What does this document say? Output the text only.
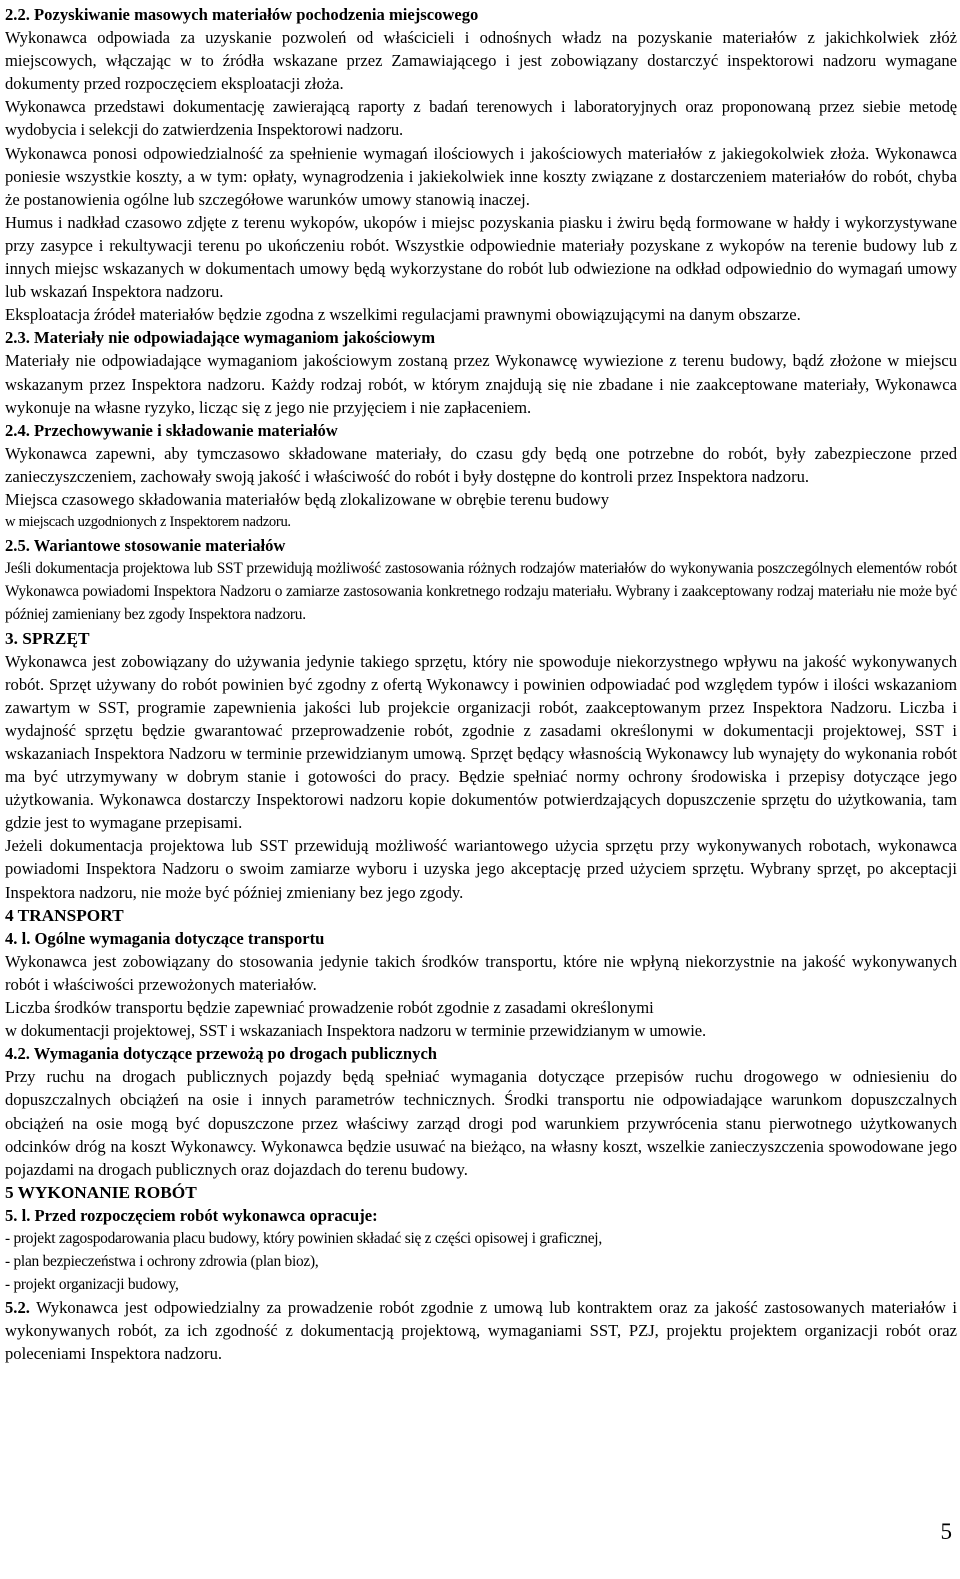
2.2. Pozyskiwanie masowych materiałów pochodzenia miejscowego

Wykonawca odpowiada za uzyskanie pozwoleń od właścicieli i odnośnych władz na pozyskanie materiałów z jakichkolwiek złóż miejscowych, włączając w to źródła wskazane przez Zamawiającego i jest zobowiązany dostarczyć inspektorowi nadzoru wymagane dokumenty przed rozpoczęciem eksploatacji złoża.

Wykonawca przedstawi dokumentację zawierającą raporty z badań terenowych i laboratoryjnych oraz proponowaną przez siebie metodę wydobycia i selekcji do zatwierdzenia Inspektorowi nadzoru.

Wykonawca ponosi odpowiedzialność za spełnienie wymagań ilościowych i jakościowych materiałów z jakiegokolwiek złoża. Wykonawca poniesie wszystkie koszty, a w tym: opłaty, wynagrodzenia i jakiekolwiek inne koszty związane z dostarczeniem materiałów do robót, chyba że postanowienia ogólne lub szczegółowe warunków umowy stanowią inaczej.

Humus i nadkład czasowo zdjęte z terenu wykopów, ukopów i miejsc pozyskania piasku i żwiru będą formowane w hałdy i wykorzystywane przy zasypce i rekultywacji terenu po ukończeniu robót. Wszystkie odpowiednie materiały pozyskane z wykopów na terenie budowy lub z innych miejsc wskazanych w dokumentach umowy będą wykorzystane do robót lub odwiezione na odkład odpowiednio do wymagań umowy lub wskazań Inspektora nadzoru.

Eksploatacja źródeł materiałów będzie zgodna z wszelkimi regulacjami prawnymi obowiązującymi na danym obszarze.

2.3. Materiały nie odpowiadające wymaganiom jakościowym

Materiały nie odpowiadające wymaganiom jakościowym zostaną przez Wykonawcę wywiezione z terenu budowy, bądź złożone w miejscu wskazanym przez Inspektora nadzoru. Każdy rodzaj robót, w którym znajdują się nie zbadane i nie zaakceptowane materiały, Wykonawca wykonuje na własne ryzyko, licząc się z jego nie przyjęciem i nie zapłaceniem.

2.4. Przechowywanie i składowanie materiałów

Wykonawca zapewni, aby tymczasowo składowane materiały, do czasu gdy będą one potrzebne do robót, były zabezpieczone przed zanieczyszczeniem, zachowały swoją jakość i właściwość do robót i były dostępne do kontroli przez Inspektora nadzoru.

Miejsca czasowego składowania materiałów będą zlokalizowane w obrębie terenu budowy

w miejscach uzgodnionych z Inspektorem nadzoru.

2.5. Wariantowe stosowanie materiałów

Jeśli dokumentacja projektowa lub SST przewidują możliwość zastosowania różnych rodzajów materiałów do wykonywania poszczególnych elementów robót Wykonawca powiadomi Inspektora Nadzoru o zamiarze zastosowania konkretnego rodzaju materiału. Wybrany i zaakceptowany rodzaj materiału nie może być później zamieniany bez zgody Inspektora nadzoru.

3. SPRZĘT

Wykonawca jest zobowiązany do używania jedynie takiego sprzętu, który nie spowoduje niekorzystnego wpływu na jakość wykonywanych robót. Sprzęt używany do robót powinien być zgodny z ofertą Wykonawcy i powinien odpowiadać pod względem typów i ilości wskazaniom zawartym w SST, programie zapewnienia jakości lub projekcie organizacji robót, zaakceptowanym przez Inspektora Nadzoru. Liczba i wydajność sprzętu będzie gwarantować przeprowadzenie robót, zgodnie z zasadami określonymi w dokumentacji projektowej, SST i wskazaniach Inspektora Nadzoru w terminie przewidzianym umową. Sprzęt będący własnością Wykonawcy lub wynajęty do wykonania robót ma być utrzymywany w dobrym stanie i gotowości do pracy. Będzie spełniać normy ochrony środowiska i przepisy dotyczące jego użytkowania. Wykonawca dostarczy Inspektorowi nadzoru kopie dokumentów potwierdzających dopuszczenie sprzętu do użytkowania, tam gdzie jest to wymagane przepisami.

Jeżeli dokumentacja projektowa lub SST przewidują możliwość wariantowego użycia sprzętu przy wykonywanych robotach, wykonawca powiadomi Inspektora Nadzoru o swoim zamiarze wyboru i uzyska jego akceptację przed użyciem sprzętu. Wybrany sprzęt, po akceptacji Inspektora nadzoru, nie może być później zmieniany bez jego zgody.

4 TRANSPORT

4. l. Ogólne wymagania dotyczące transportu

Wykonawca jest zobowiązany do stosowania jedynie takich środków transportu, które nie wpłyną niekorzystnie na jakość wykonywanych robót i właściwości przewożonych materiałów.

Liczba środków transportu będzie zapewniać prowadzenie robót zgodnie z zasadami określonymi

w dokumentacji projektowej, SST i wskazaniach Inspektora nadzoru w terminie przewidzianym w umowie.

4.2. Wymagania dotyczące przewożą po drogach publicznych

Przy ruchu na drogach publicznych pojazdy będą spełniać wymagania dotyczące przepisów ruchu drogowego w odniesieniu do dopuszczalnych obciążeń na osie i innych parametrów technicznych. Środki transportu nie odpowiadające warunkom dopuszczalnych obciążeń na osie mogą być dopuszczone przez właściwy zarząd drogi pod warunkiem przywrócenia stanu pierwotnego użytkowanych odcinków dróg na koszt Wykonawcy. Wykonawca będzie usuwać na bieżąco, na własny koszt, wszelkie zanieczyszczenia spowodowane jego pojazdami na drogach publicznych oraz dojazdach do terenu budowy.

5 WYKONANIE ROBÓT

5. l. Przed rozpoczęciem robót wykonawca opracuje:

- projekt zagospodarowania placu budowy, który powinien składać się z części opisowej i graficznej,

- plan bezpieczeństwa i ochrony zdrowia (plan bioz),

- projekt organizacji budowy,

5.2. Wykonawca jest odpowiedzialny za prowadzenie robót zgodnie z umową lub kontraktem oraz za jakość zastosowanych materiałów i wykonywanych robót, za ich zgodność z dokumentacją projektową, wymaganiami SST, PZJ, projektu projektem organizacji robót oraz poleceniami Inspektora nadzoru.

5
